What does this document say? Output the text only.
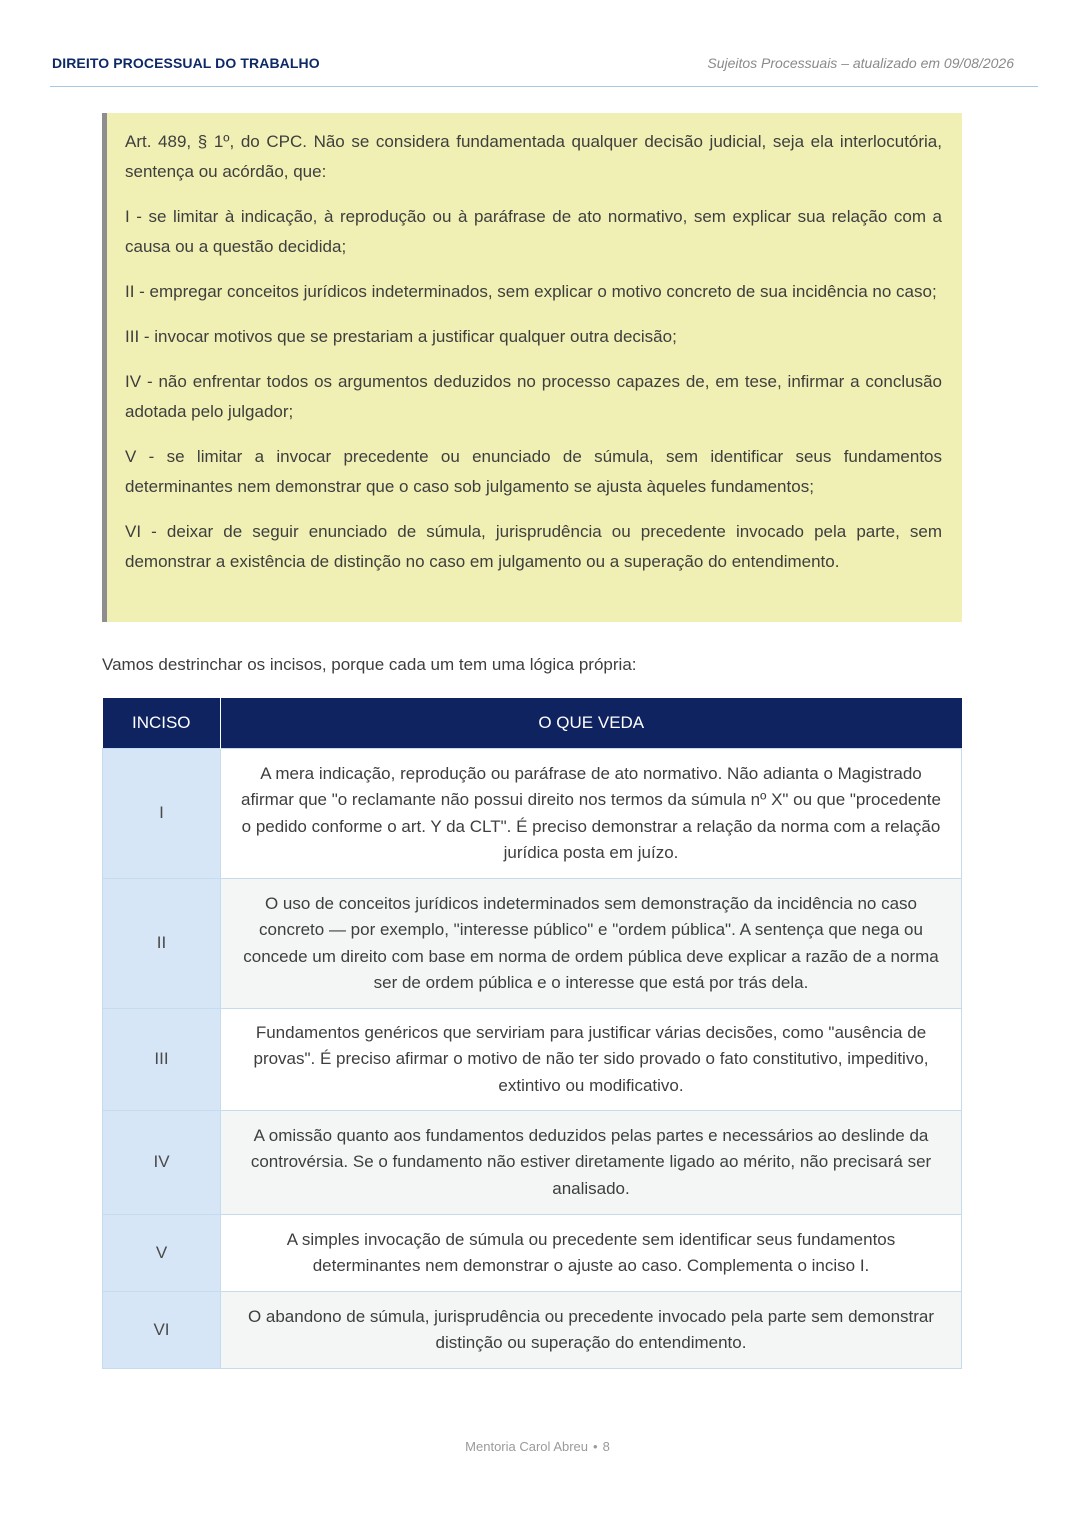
DIREITO PROCESSUAL DO TRABALHO	Sujeitos Processuais – atualizado em 09/08/2026

Art. 489, § 1º, do CPC. Não se considera fundamentada qualquer decisão judicial, seja ela interlocutória, sentença ou acórdão, que:

I - se limitar à indicação, à reprodução ou à paráfrase de ato normativo, sem explicar sua relação com a causa ou a questão decidida;

II - empregar conceitos jurídicos indeterminados, sem explicar o motivo concreto de sua incidência no caso;

III - invocar motivos que se prestariam a justificar qualquer outra decisão;

IV - não enfrentar todos os argumentos deduzidos no processo capazes de, em tese, infirmar a conclusão adotada pelo julgador;

V - se limitar a invocar precedente ou enunciado de súmula, sem identificar seus fundamentos determinantes nem demonstrar que o caso sob julgamento se ajusta àqueles fundamentos;

VI - deixar de seguir enunciado de súmula, jurisprudência ou precedente invocado pela parte, sem demonstrar a existência de distinção no caso em julgamento ou a superação do entendimento.

Vamos destrinchar os incisos, porque cada um tem uma lógica própria:
INCISO	O QUE VEDA
I	A mera indicação, reprodução ou paráfrase de ato normativo. Não adianta o Magistrado afirmar que "o reclamante não possui direito nos termos da súmula nº X" ou que "procedente o pedido conforme o art. Y da CLT". É preciso demonstrar a relação da norma com a relação jurídica posta em juízo.
II	O uso de conceitos jurídicos indeterminados sem demonstração da incidência no caso concreto — por exemplo, "interesse público" e "ordem pública". A sentença que nega ou concede um direito com base em norma de ordem pública deve explicar a razão de a norma ser de ordem pública e o interesse que está por trás dela.
III	Fundamentos genéricos que serviriam para justificar várias decisões, como "ausência de provas". É preciso afirmar o motivo de não ter sido provado o fato constitutivo, impeditivo, extintivo ou modificativo.
IV	A omissão quanto aos fundamentos deduzidos pelas partes e necessários ao deslinde da controvérsia. Se o fundamento não estiver diretamente ligado ao mérito, não precisará ser analisado.
V	A simples invocação de súmula ou precedente sem identificar seus fundamentos determinantes nem demonstrar o ajuste ao caso. Complementa o inciso I.
VI	O abandono de súmula, jurisprudência ou precedente invocado pela parte sem demonstrar distinção ou superação do entendimento.
Mentoria Carol Abreu • 8
